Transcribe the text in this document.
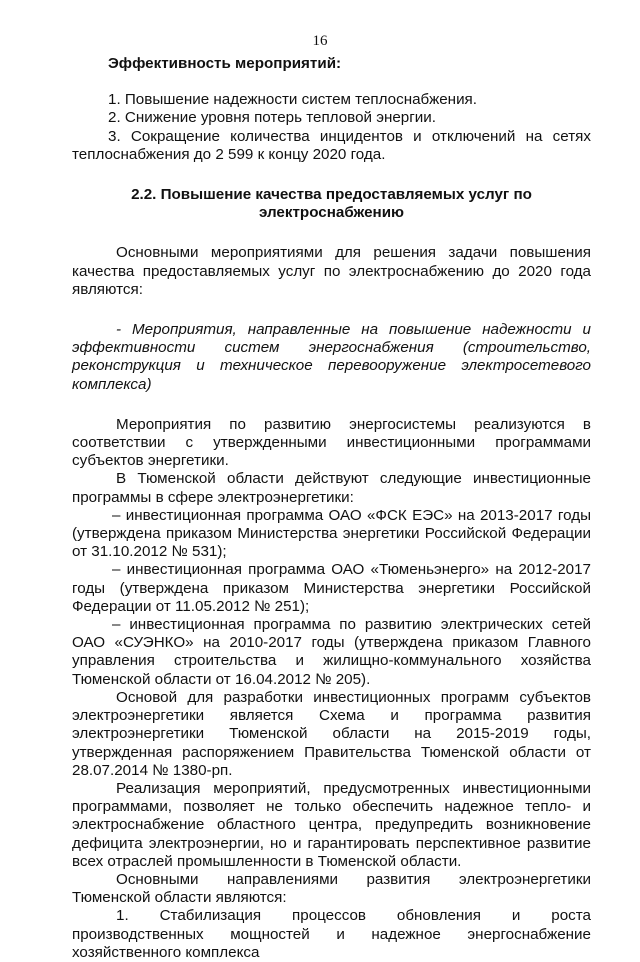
16

Эффективность мероприятий:

1. Повышение надежности систем теплоснабжения.

2. Снижение уровня потерь тепловой энергии.

3. Сокращение количества инцидентов и отключений на сетях теплоснабжения до 2 599 к концу 2020 года.

2.2. Повышение качества предоставляемых услуг по электроснабжению

Основными мероприятиями для решения задачи повышения качества предоставляемых услуг по электроснабжению до 2020 года являются:

- Мероприятия, направленные на повышение надежности и эффективности систем энергоснабжения (строительство, реконструкция и техническое перевооружение электросетевого комплекса)

Мероприятия по развитию энергосистемы реализуются в соответствии с утвержденными инвестиционными программами субъектов энергетики.

В Тюменской области действуют следующие инвестиционные программы в сфере электроэнергетики:

– инвестиционная программа ОАО «ФСК ЕЭС» на 2013-2017 годы (утверждена приказом Министерства энергетики Российской Федерации от 31.10.2012 № 531);

– инвестиционная программа ОАО «Тюменьэнерго» на 2012-2017 годы (утверждена приказом Министерства энергетики Российской Федерации от 11.05.2012 № 251);

– инвестиционная программа по развитию электрических сетей ОАО «СУЭНКО» на 2010-2017 годы (утверждена приказом Главного управления строительства и жилищно-коммунального хозяйства Тюменской области от 16.04.2012 № 205).

Основой для разработки инвестиционных программ субъектов электроэнергетики является Схема и программа развития электроэнергетики Тюменской области на 2015-2019 годы, утвержденная распоряжением Правительства Тюменской области от 28.07.2014 № 1380-рп.

Реализация мероприятий, предусмотренных инвестиционными программами, позволяет не только обеспечить надежное тепло- и электроснабжение областного центра, предупредить возникновение дефицита электроэнергии, но и гарантировать перспективное развитие всех отраслей промышленности в Тюменской области.

Основными направлениями развития электроэнергетики Тюменской области являются:

1. Стабилизация процессов обновления и роста производственных мощностей и надежное энергоснабжение хозяйственного комплекса
